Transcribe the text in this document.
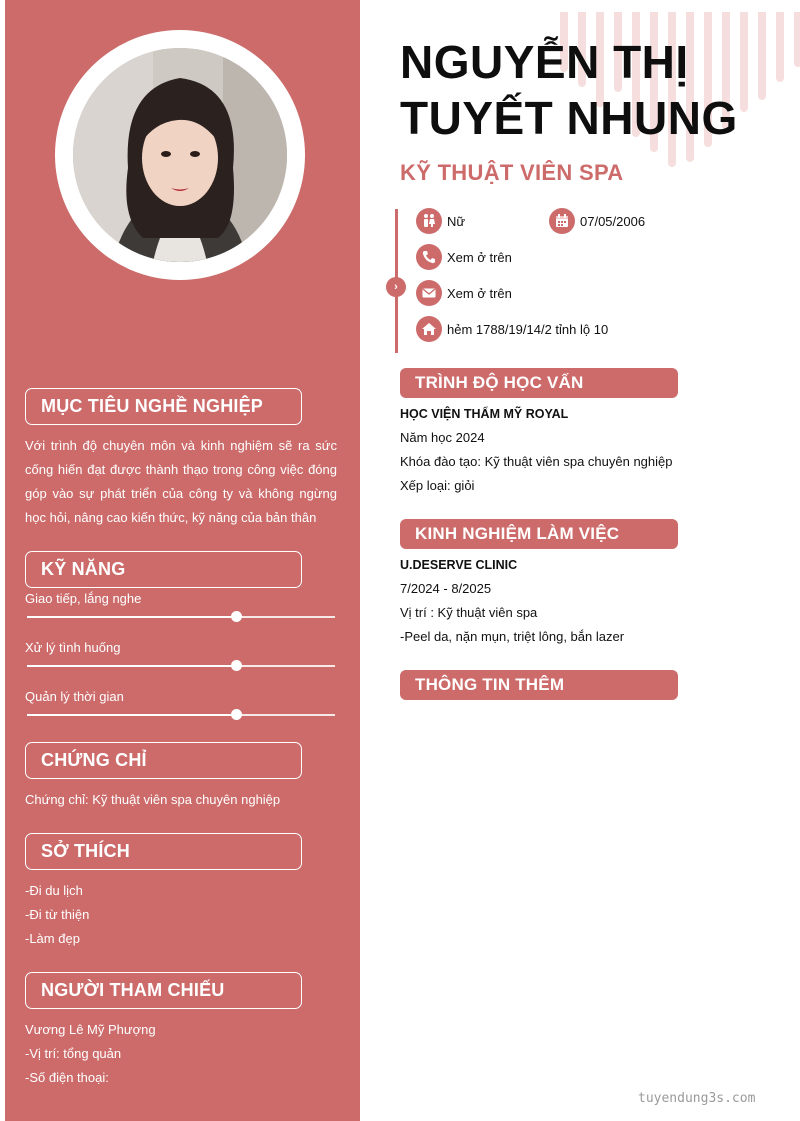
MỤC TIÊU NGHỀ NGHIỆP
Với trình độ chuyên môn và kinh nghiệm sẽ ra sức cống hiến đạt được thành thạo trong công việc đóng góp vào sự phát triển của công ty và không ngừng học hỏi, nâng cao kiến thức, kỹ năng của bản thân
KỸ NĂNG
Giao tiếp, lắng nghe
Xử lý tình huống
Quản lý thời gian
CHỨNG CHỈ
Chứng chỉ: Kỹ thuật viên spa chuyên nghiệp
SỞ THÍCH
-Đi du lịch
-Đi từ thiện
-Làm đẹp
NGƯỜI THAM CHIẾU
Vương Lê Mỹ Phượng
-Vị trí: tổng quản
-Số điện thoại:
NGUYỄN THỊ
TUYẾT NHUNG
KỸ THUẬT VIÊN SPA
›
Nữ	07/05/2006
Xem ở trên
Xem ở trên
hẻm 1788/19/14/2 tỉnh lộ 10
TRÌNH ĐỘ HỌC VẤN
HỌC VIỆN THẨM MỸ ROYAL
Năm học 2024
Khóa đào tạo: Kỹ thuật viên spa chuyên nghiệp
Xếp loại: giỏi
KINH NGHIỆM LÀM VIỆC
U.DESERVE CLINIC
7/2024 - 8/2025
Vị trí : Kỹ thuật viên spa
-Peel da, nặn mụn, triệt lông, bắn lazer
THÔNG TIN THÊM
tuyendung3s.com
